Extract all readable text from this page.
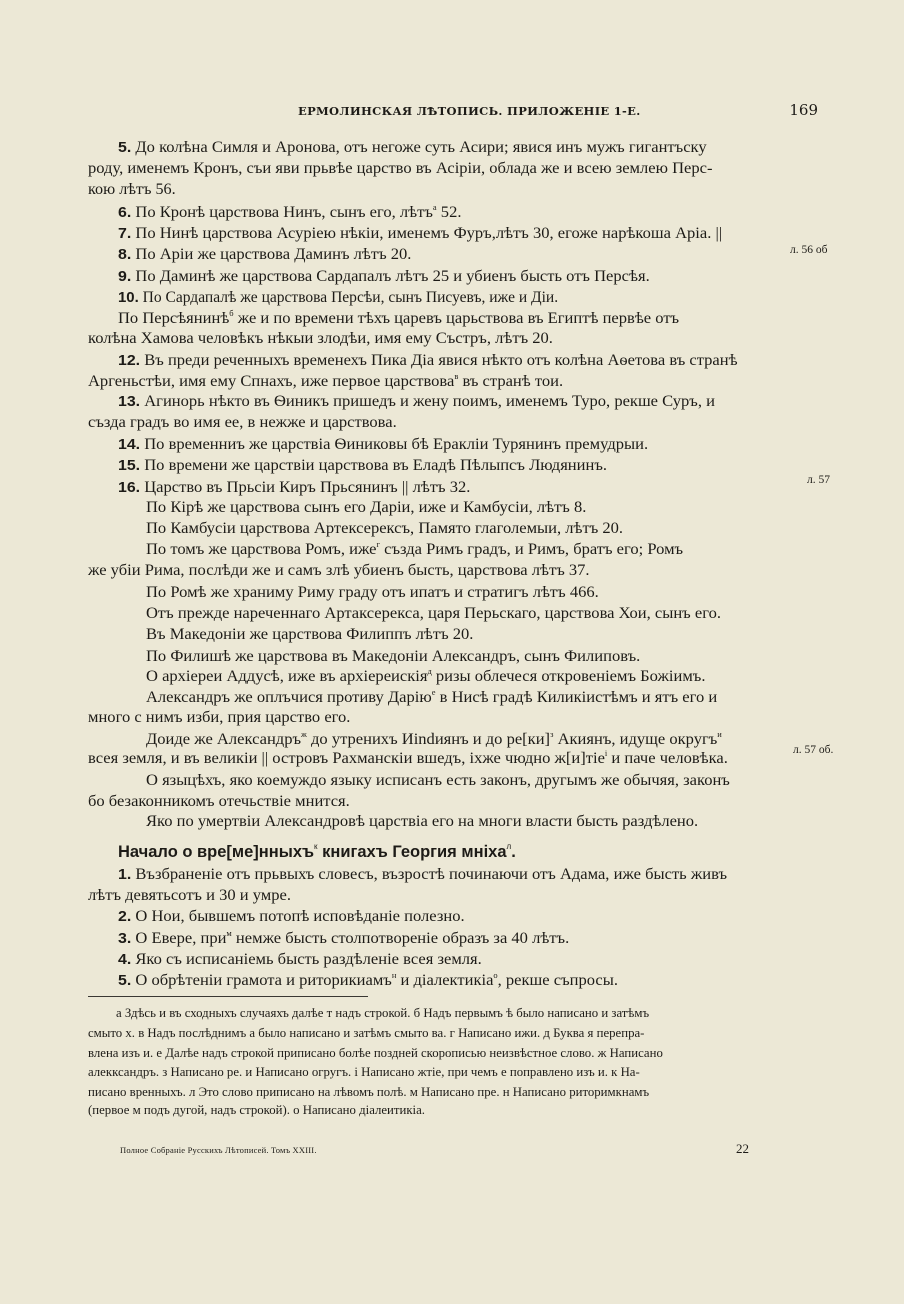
ЕРМОЛИНСКАЯ ЛѢТОПИСЬ. ПРИЛОЖЕНІЕ 1-Е.	169
5. До колѣна Симля и Аронова, отъ негоже суть Асири; явися инъ мужъ гигантъску
роду, именемъ Кронъ, съи яви прьвѣе царство въ Асіріи, облада же и всею землею Перс-
кою лѣтъ 56.
6. По Кронѣ царствова Нинъ, сынъ его, лѣтъ$^а$ 52.
7. По Нинѣ царствова Асуріею нѣкіи, именемъ Фуръ,лѣтъ 30, егоже нарѣкоша Аріа. ||
8. По Аріи же царствова Даминъ лѣтъ 20.
9. По Даминѣ же царствова Сардапалъ лѣтъ 25 и убиенъ бысть отъ Персѣя.
10. По Сардапалѣ же царствова Персѣи, сынъ Писуевъ, иже и Діи.
По Персѣянинѣ$^б$ же и по времени тѣхъ царевъ царьствова въ Египтѣ первѣе отъ
колѣна Хамова человѣкъ нѣкыи злодѣи, имя ему Състръ, лѣтъ 20.
12. Въ преди реченныхъ временехъ Пика Діа явися нѣкто отъ колѣна Аѳетова въ странѣ
Аргеньстѣи, имя ему Спнахъ, иже первое царствова$^в$ въ странѣ тои.
13. Агинорь нѣкто въ Ѳиникъ пришедъ и жену поимъ, именемъ Туро, рекше Суръ, и
създа градъ во имя ее, в нежже и царствова.
14. По временниъ же царствіа Ѳиниковы бѣ Еракліи Турянинъ премудрыи.
15. По времени же царствіи царствова въ Еладѣ Пѣлыпсъ Людянинъ.
16. Царство въ Прьсіи Киръ Прьсянинъ || лѣтъ 32.
По Кірѣ же царствова сынъ его Даріи, иже и Камбусіи, лѣтъ 8.
По Камбусіи царствова Артексерексъ, Памято глаголемыи, лѣтъ 20.
По томъ же царствова Ромъ, иже$^г$ създа Римъ градъ, и Римъ, братъ его; Ромъ
же убіи Рима, послѣди же и самъ злѣ убиенъ бысть, царствова лѣтъ 37.
По Ромѣ же храниму Риму граду отъ ипатъ и стратигъ лѣтъ 466.
Отъ прежде нареченнаго Артаксерекса, царя Перьскаго, царствова Хои, сынъ его.
Въ Македоніи же царствова Филиппъ лѣтъ 20.
По Филишѣ же царствова въ Македоніи Александръ, сынъ Филиповъ.
О архіереи Аддусѣ, иже въ архіереискія$^д$ ризы облечеся откровеніемъ Божіимъ.
Александръ же оплъчися противу Дарію$^е$ в Нисѣ градѣ Киликіистѣмъ и ятъ его и
много с нимъ изби, прия царство его.
Доиде же Александръ$^ж$ до утрениxъ Иindиянъ и до ре[ки]$^з$ Акиянъ, идуще округъ$^и$
всея земля, и въ великіи || островъ Рахманскіи вшедъ, іхже чюдно ж[и]тіе$^і$ и паче человѣка.
О языцѣхъ, яко коемуждо языку исписанъ есть законъ, другымъ же обычяя, законъ
бо безаконникомъ отечьствіе мнится.
Яко по умертвіи Александровѣ царствіа его на многи власти бысть раздѣлено.
л. 56 об
л. 57
л. 57 об.
Начало о вре[ме]нныхъ$^к$ книгахъ Георгия мніха$^л$.
1. Възбраненіе отъ прьвыхъ словесъ, възростѣ починаючи отъ Адама, иже бысть живъ
лѣтъ девятьсотъ и 30 и умре.
2. О Нои, бывшемъ потопѣ исповѣданіе полезно.
3. О Евере, при$^м$ немже бысть столпотвореніе образъ за 40 лѣтъ.
4. Яко съ исписаніемь бысть раздѣленіе всея земля.
5. О обрѣтеніи грамота и риторикиамъ$^н$ и діалектикіа$^о$, рекше съпросы.
а Здѣсь и въ сходныхъ случаяхъ далѣе т надъ строкой. б Надъ первымъ ѣ было написано и затѣмъ
смыто х. в Надъ послѣднимъ а было написано и затѣмъ смыто ва. г Написано ижи. д Буква я перепра-
влена изъ и. е Далѣе надъ строкой приписано болѣе поздней скорописью неизвѣстное слово. ж Написано
алекксандръ. з Написано ре. и Написано огругъ. і Написано жтіе, при чемъ е поправлено изъ и. к На-
писано вренныхъ. л Это слово приписано на лѣвомъ полѣ. м Написано пре. н Написано риторимкнамъ
(первое м подъ дугой, надъ строкой). о Написано діалеитикіа.
Полное Собраніе Русскихъ Лѣтописей. Томъ XXIII.	22
